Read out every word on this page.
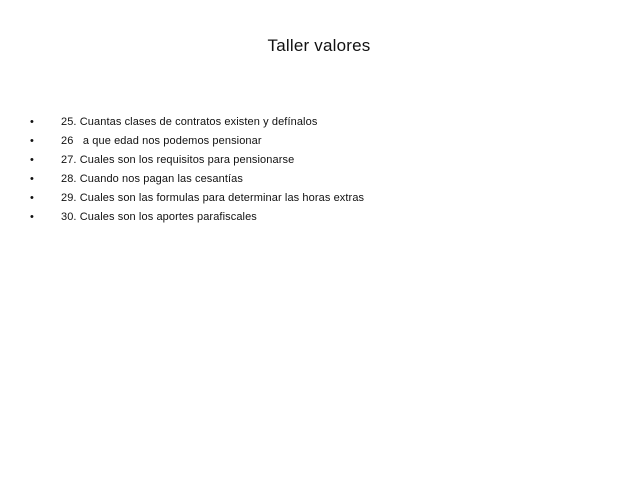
Taller valores
•	25. Cuantas clases de contratos existen y defínalos
•	26   a que edad nos podemos pensionar
•	27. Cuales son los requisitos para pensionarse
•	28. Cuando nos pagan las cesantías
•	29. Cuales son las formulas para determinar las horas extras
•	30. Cuales son los aportes parafiscales
